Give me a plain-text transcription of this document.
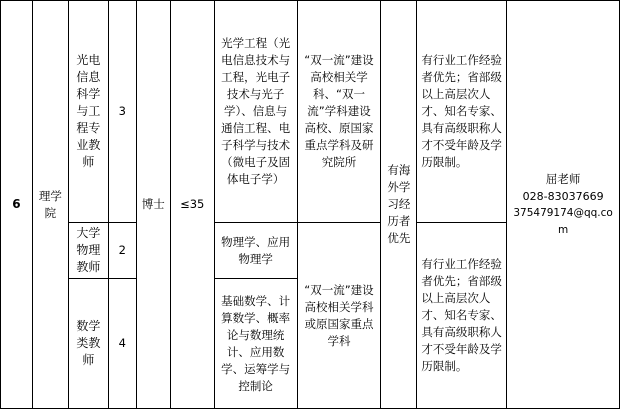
6	理学院	光电信息科学与工程专业教师	3	博士	≤35	光学工程（光电信息技术与工程，光电子技术与光子学）、信息与通信工程、电子科学与技术（微电子及固体电子学）	“双一流”建设高校相关学科、“双一流”学科建设高校、原国家重点学科及研究院所	有海外学习经历者优先	有行业工作经验者优先；省部级以上高层次人才、知名专家、 具有高级职称人才不受年龄及学历限制。	屈老师
028-83037669
375479174@qq.com

		大学物理教师	2			物理学、应用物理学	“双一流”建设高校相关学科或原国家重点学科		有行业工作经验者优先；省部级以上高层次人才、知名专家、 具有高级职称人才不受年龄及学历限制。	
		数学类教师	4			基础数学、计算数学、概率论与数理统计、应用数学、运筹学与控制论				
